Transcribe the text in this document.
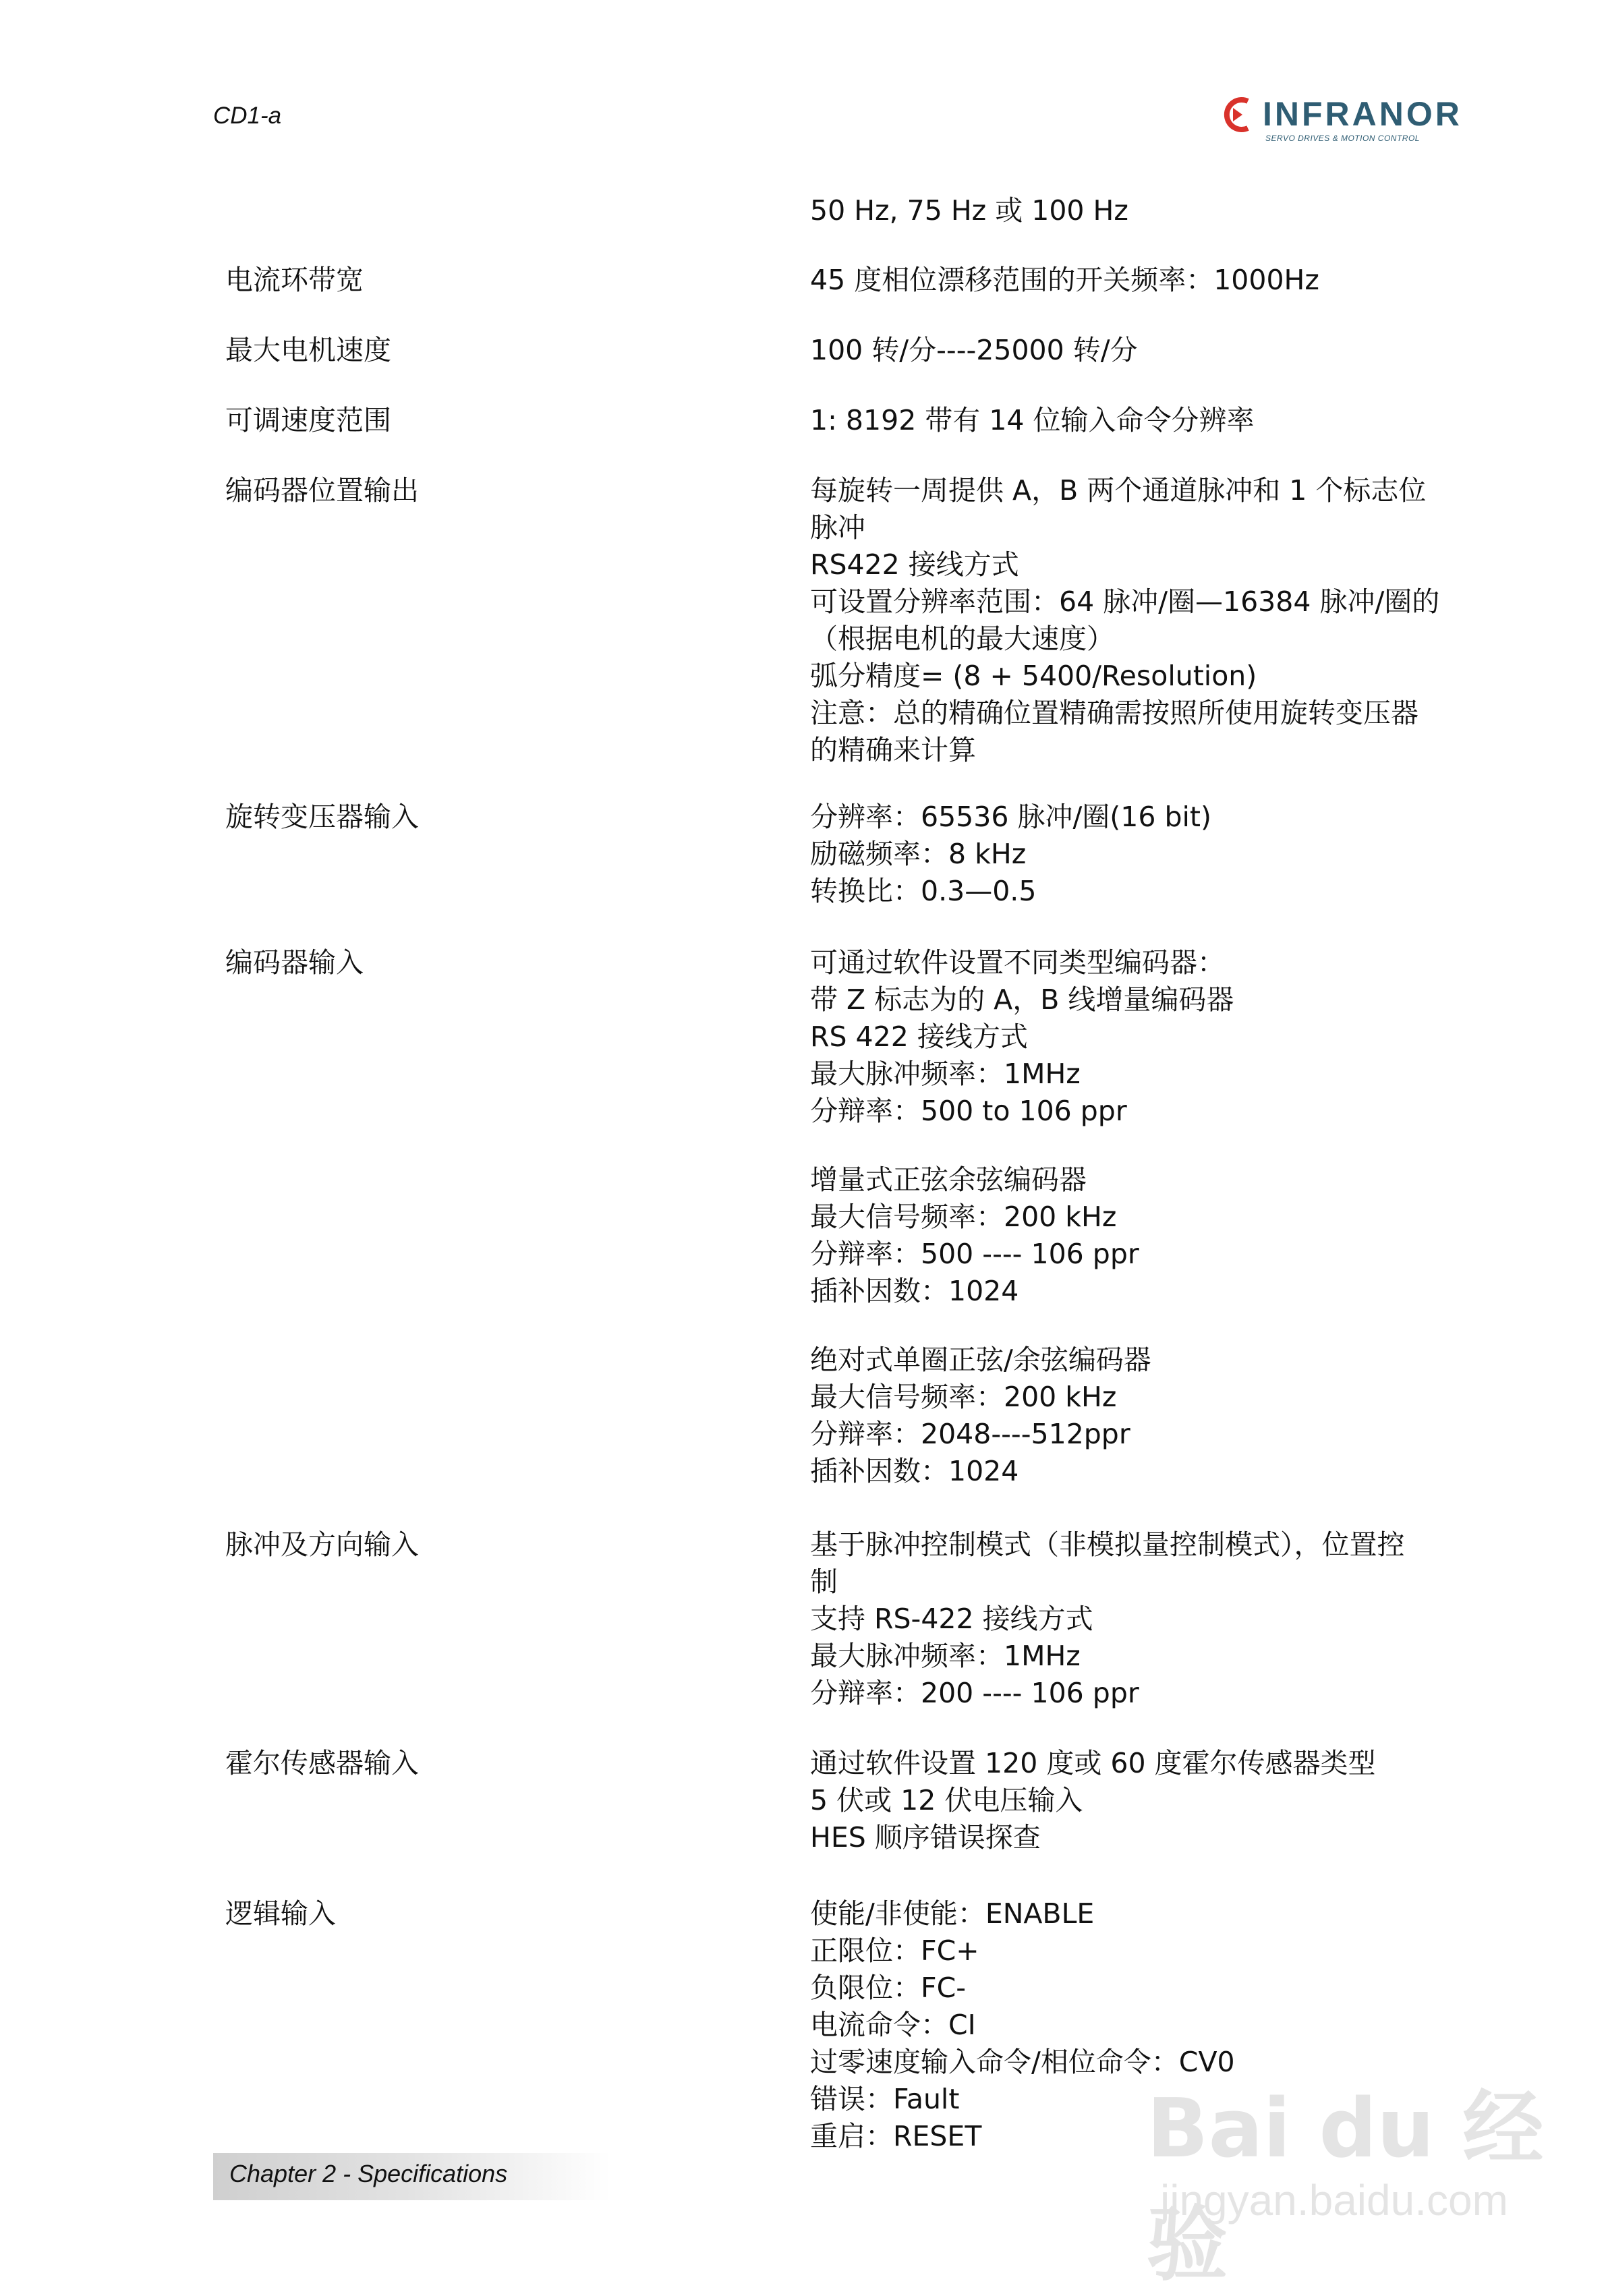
CD1-a	INFRANOR
SERVO DRIVES & MOTION CONTROL
50 Hz, 75 Hz 或 100 Hz
电流环带宽	45 度相位漂移范围的开关频率：1000Hz
最大电机速度	100 转/分----25000 转/分
可调速度范围	1: 8192 带有 14 位输入命令分辨率
编码器位置输出	每旋转一周提供 A，B 两个通道脉冲和 1 个标志位
脉冲
RS422 接线方式
可设置分辨率范围：64 脉冲/圈—16384 脉冲/圈的
（根据电机的最大速度）
弧分精度= (8 + 5400/Resolution)
注意：总的精确位置精确需按照所使用旋转变压器
的精确来计算
旋转变压器输入	分辨率：65536 脉冲/圈(16 bit)
励磁频率：8 kHz
转换比：0.3—0.5
编码器输入	可通过软件设置不同类型编码器：
带 Z 标志为的 A，B 线增量编码器
RS 422 接线方式
最大脉冲频率：1MHz
分辩率：500 to 106 ppr
增量式正弦余弦编码器
最大信号频率：200 kHz
分辩率：500 ---- 106 ppr
插补因数：1024
绝对式单圈正弦/余弦编码器
最大信号频率：200 kHz
分辩率：2048----512ppr
插补因数：1024
脉冲及方向输入	基于脉冲控制模式（非模拟量控制模式），位置控
制
支持 RS-422 接线方式
最大脉冲频率：1MHz
分辩率：200 ---- 106 ppr
霍尔传感器输入	通过软件设置 120 度或 60 度霍尔传感器类型
5 伏或 12 伏电压输入
HES 顺序错误探查
逻辑输入	使能/非使能：ENABLE
正限位：FC+
负限位：FC-
电流命令：CI
过零速度输入命令/相位命令：CV0
错误：Fault
重启：RESET
Chapter 2 - Specifications	Bai du 经验
jingyan.baidu.com
